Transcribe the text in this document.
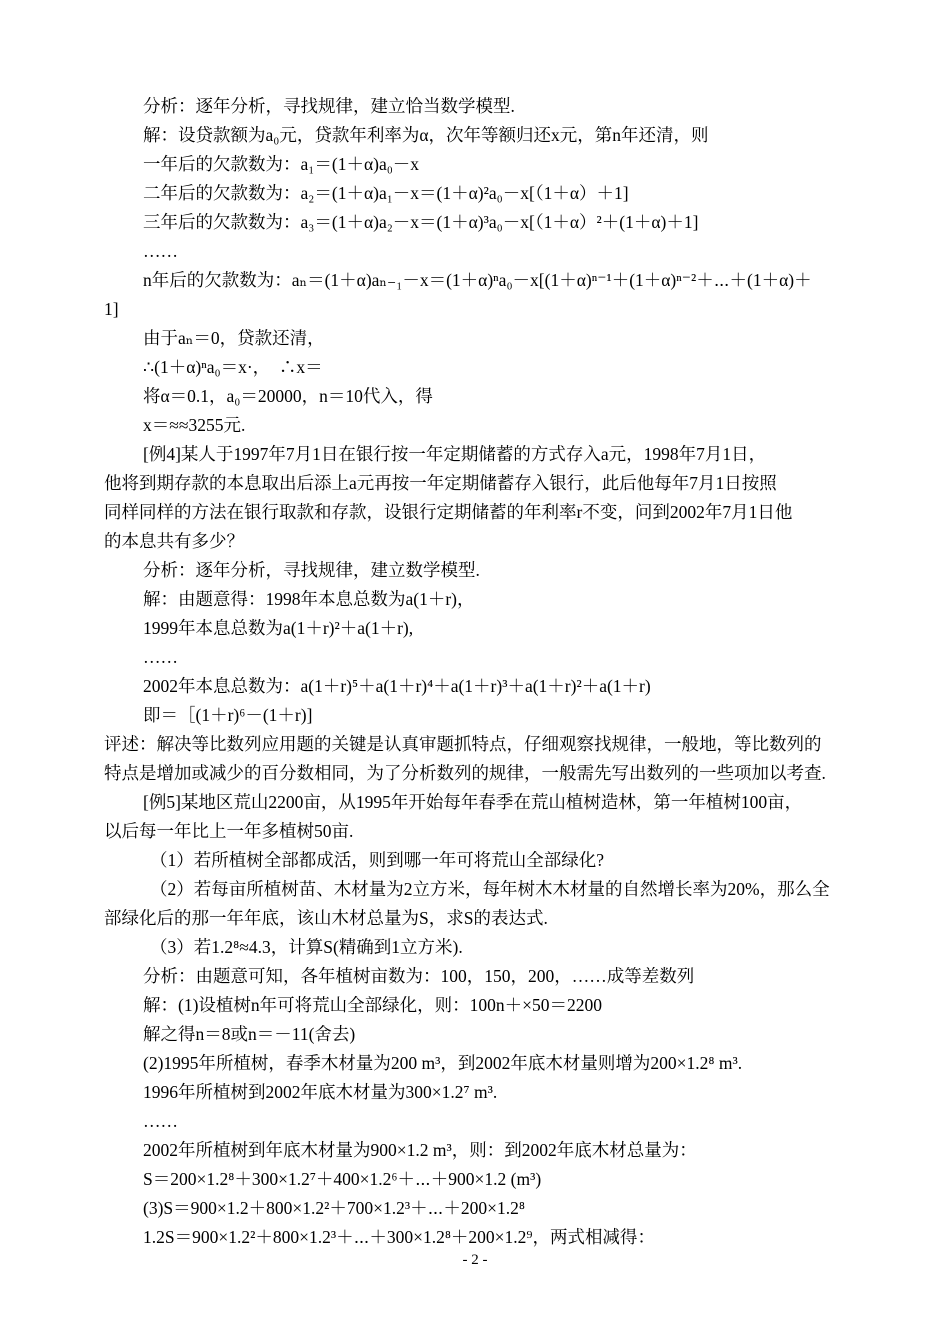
分析：逐年分析，寻找规律，建立恰当数学模型.
解：设贷款额为a₀元，贷款年利率为α，次年等额归还x元，第n年还清，则
一年后的欠款数为：a₁＝(1＋α)a₀－x
二年后的欠款数为：a₂＝(1＋α)a₁－x＝(1＋α)²a₀－x[（1＋α）＋1]
三年后的欠款数为：a₃＝(1＋α)a₂－x＝(1＋α)³a₀－x[（1＋α）²＋(1＋α)＋1]
……
n年后的欠款数为：aₙ＝(1＋α)aₙ₋₁－x＝(1＋α)ⁿa₀－x[(1＋α)ⁿ⁻¹＋(1＋α)ⁿ⁻²＋⋯＋(1＋α)＋
1]
由于aₙ＝0，贷款还清，
∴(1＋α)ⁿa₀＝x·，　∴x＝
将α＝0.1，a₀＝20000，n＝10代入，得
x＝≈≈3255元.
[例4]某人于1997年7月1日在银行按一年定期储蓄的方式存入a元，1998年7月1日，
他将到期存款的本息取出后添上a元再按一年定期储蓄存入银行，此后他每年7月1日按照
同样同样的方法在银行取款和存款，设银行定期储蓄的年利率r不变，问到2002年7月1日他
的本息共有多少？
分析：逐年分析，寻找规律，建立数学模型.
解：由题意得：1998年本息总数为a(1＋r)，
1999年本息总数为a(1＋r)²＋a(1＋r),
……
2002年本息总数为：a(1＋r)⁵＋a(1＋r)⁴＋a(1＋r)³＋a(1＋r)²＋a(1＋r)
即＝［(1＋r)⁶－(1＋r)]
评述：解决等比数列应用题的关键是认真审题抓特点，仔细观察找规律，一般地，等比数列的
特点是增加或减少的百分数相同，为了分析数列的规律，一般需先写出数列的一些项加以考查.
[例5]某地区荒山2200亩，从1995年开始每年春季在荒山植树造林，第一年植树100亩，
以后每一年比上一年多植树50亩.
（1）若所植树全部都成活，则到哪一年可将荒山全部绿化?
（2）若每亩所植树苗、木材量为2立方米，每年树木木材量的自然增长率为20%，那么全
部绿化后的那一年年底，该山木材总量为S，求S的表达式.
（3）若1.2⁸≈4.3，计算S(精确到1立方米).
分析：由题意可知，各年植树亩数为：100，150，200，……成等差数列
解：(1)设植树n年可将荒山全部绿化，则：100n＋×50＝2200
解之得n＝8或n＝－11(舍去)
(2)1995年所植树，春季木材量为200 m³，到2002年底木材量则增为200×1.2⁸ m³.
1996年所植树到2002年底木材量为300×1.2⁷ m³.
……
2002年所植树到年底木材量为900×1.2 m³，则：到2002年底木材总量为：
S＝200×1.2⁸＋300×1.2⁷＋400×1.2⁶＋⋯＋900×1.2 (m³)
(3)S＝900×1.2＋800×1.2²＋700×1.2³＋⋯＋200×1.2⁸
1.2S＝900×1.2²＋800×1.2³＋⋯＋300×1.2⁸＋200×1.2⁹，两式相减得：
- 2 -
